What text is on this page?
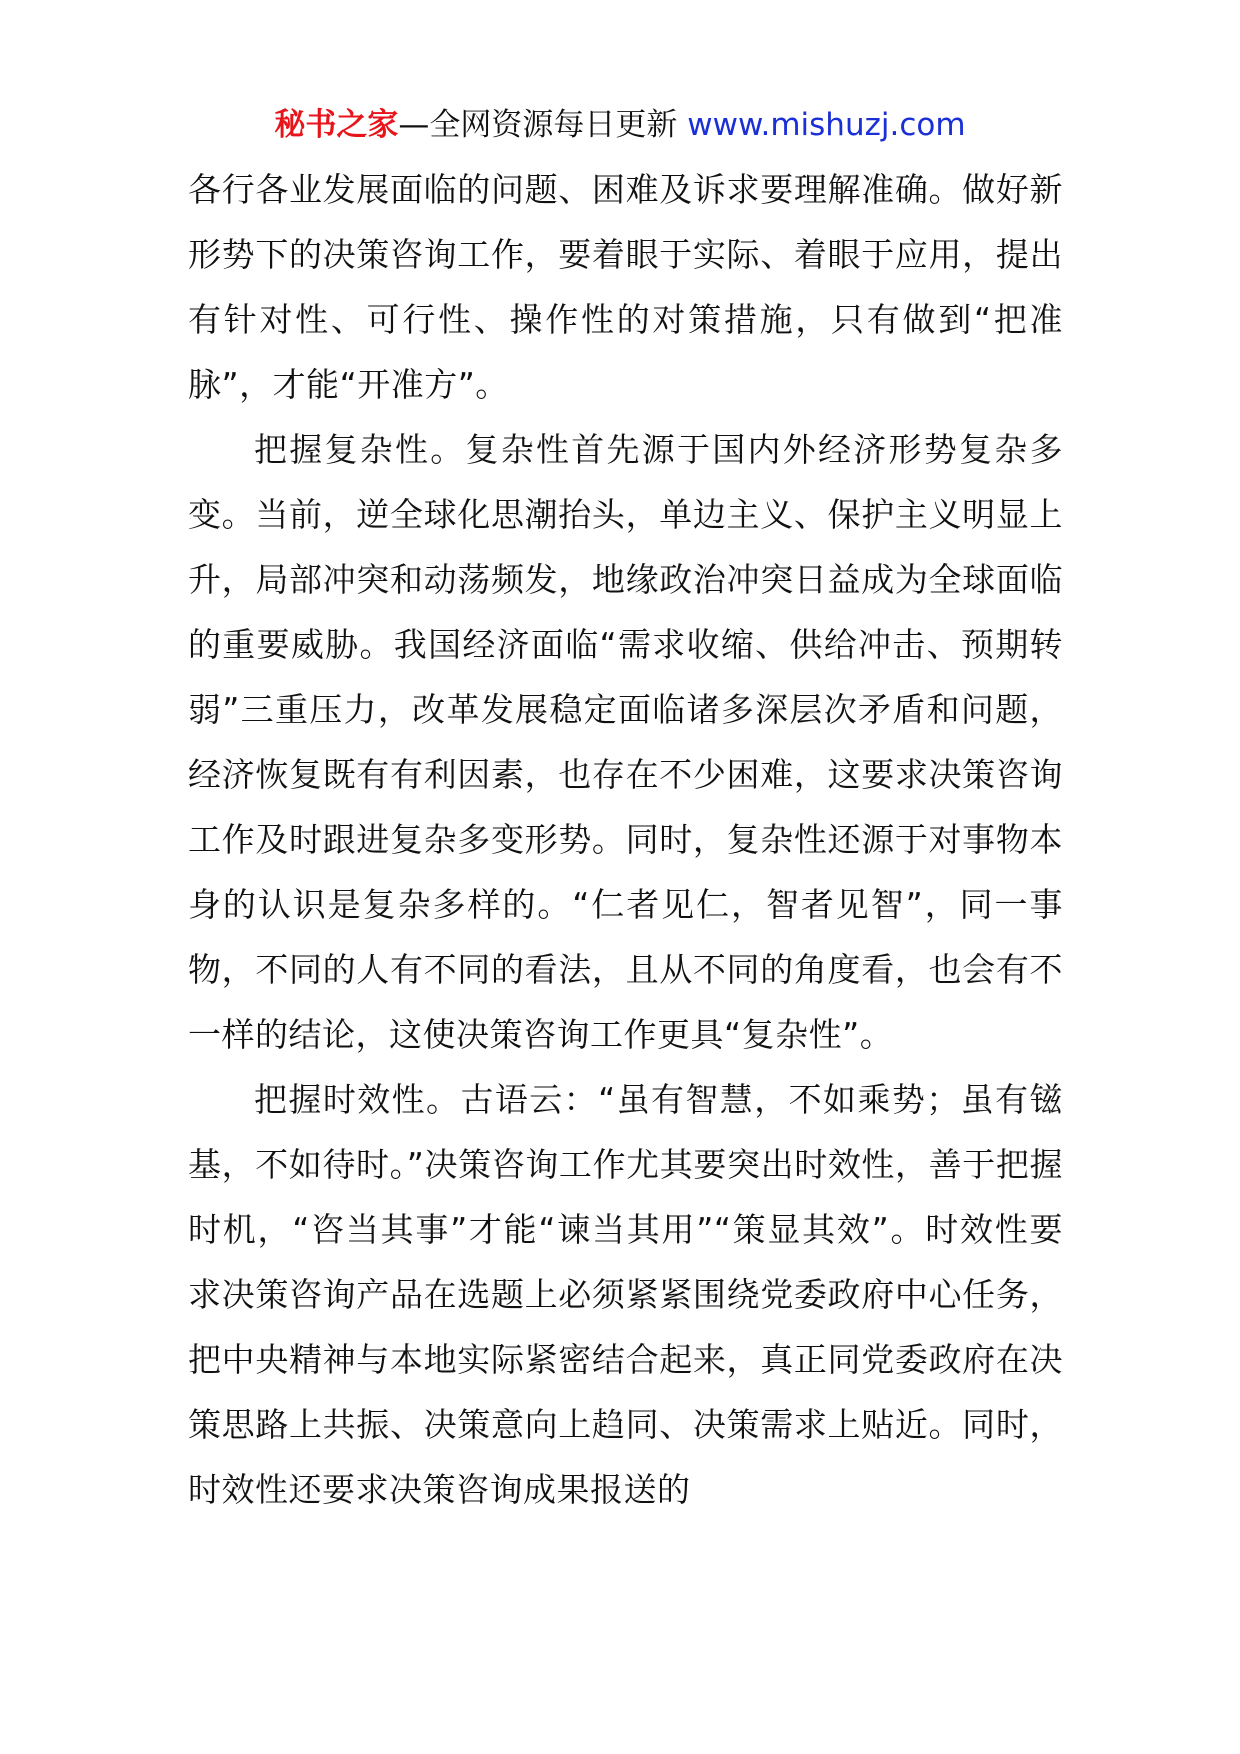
秘书之家—全网资源每日更新 www.mishuzj.com

各行各业发展面临的问题、困难及诉求要理解准确。做好新形势下的决策咨询工作，要着眼于实际、着眼于应用，提出有针对性、可行性、操作性的对策措施，只有做到“把准脉”，才能“开准方”。

把握复杂性。复杂性首先源于国内外经济形势复杂多变。当前，逆全球化思潮抬头，单边主义、保护主义明显上升，局部冲突和动荡频发，地缘政治冲突日益成为全球面临的重要威胁。我国经济面临“需求收缩、供给冲击、预期转弱”三重压力，改革发展稳定面临诸多深层次矛盾和问题，经济恢复既有有利因素，也存在不少困难，这要求决策咨询工作及时跟进复杂多变形势。同时，复杂性还源于对事物本身的认识是复杂多样的。“仁者见仁，智者见智”，同一事物，不同的人有不同的看法，且从不同的角度看，也会有不一样的结论，这使决策咨询工作更具“复杂性”。

把握时效性。古语云：“虽有智慧，不如乘势；虽有镃基，不如待时。”决策咨询工作尤其要突出时效性，善于把握时机，“咨当其事”才能“谏当其用”“策显其效”。时效性要求决策咨询产品在选题上必须紧紧围绕党委政府中心任务，把中央精神与本地实际紧密结合起来，真正同党委政府在决策思路上共振、决策意向上趋同、决策需求上贴近。同时，时效性还要求决策咨询成果报送的
